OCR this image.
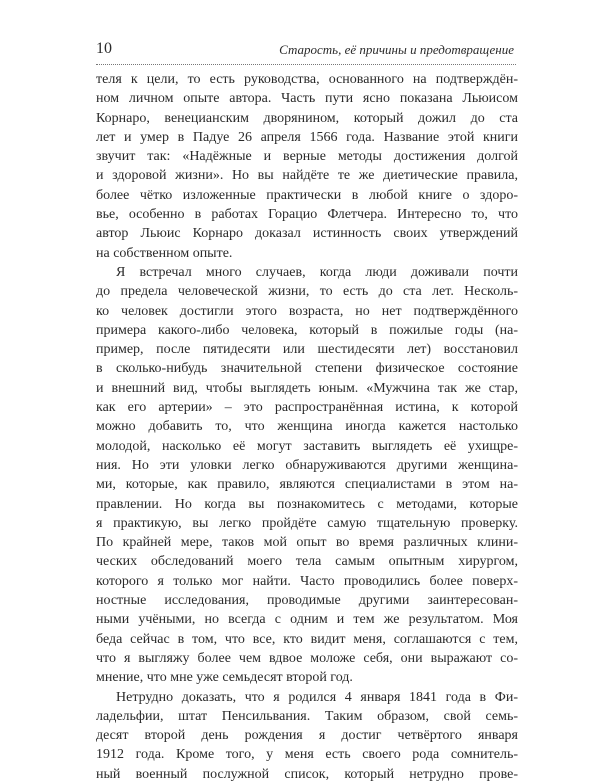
10	Старость, её причины и предотвращение
теля к цели, то есть руководства, основанного на подтверждён-
ном личном опыте автора. Часть пути ясно показана Льюисом
Корнаро, венецианским дворянином, который дожил до ста
лет и умер в Падуе 26 апреля 1566 года. Название этой книги
звучит так: «Надёжные и верные методы достижения долгой
и здоровой жизни». Но вы найдёте те же диетические правила,
более чётко изложенные практически в любой книге о здоро-
вье, особенно в работах Горацио Флетчера. Интересно то, что
автор Льюис Корнаро доказал истинность своих утверждений
на собственном опыте.
Я встречал много случаев, когда люди доживали почти
до предела человеческой жизни, то есть до ста лет. Несколь-
ко человек достигли этого возраста, но нет подтверждённого
примера какого-либо человека, который в пожилые годы (на-
пример, после пятидесяти или шестидесяти лет) восстановил
в сколько-нибудь значительной степени физическое состояние
и внешний вид, чтобы выглядеть юным. «Мужчина так же стар,
как его артерии» – это распространённая истина, к которой
можно добавить то, что женщина иногда кажется настолько
молодой, насколько её могут заставить выглядеть её ухищре-
ния. Но эти уловки легко обнаруживаются другими женщина-
ми, которые, как правило, являются специалистами в этом на-
правлении. Но когда вы познакомитесь с методами, которые
я практикую, вы легко пройдёте самую тщательную проверку.
По крайней мере, таков мой опыт во время различных клини-
ческих обследований моего тела самым опытным хирургом,
которого я только мог найти. Часто проводились более поверх-
ностные исследования, проводимые другими заинтересован-
ными учёными, но всегда с одним и тем же результатом. Моя
беда сейчас в том, что все, кто видит меня, соглашаются с тем,
что я выгляжу более чем вдвое моложе себя, они выражают со-
мнение, что мне уже семьдесят второй год.
Нетрудно доказать, что я родился 4 января 1841 года в Фи-
ладельфии, штат Пенсильвания. Таким образом, свой семь-
десят второй день рождения я достиг четвёртого января
1912 года. Кроме того, у меня есть своего рода сомнитель-
ный военный послужной список, который нетрудно прове-
